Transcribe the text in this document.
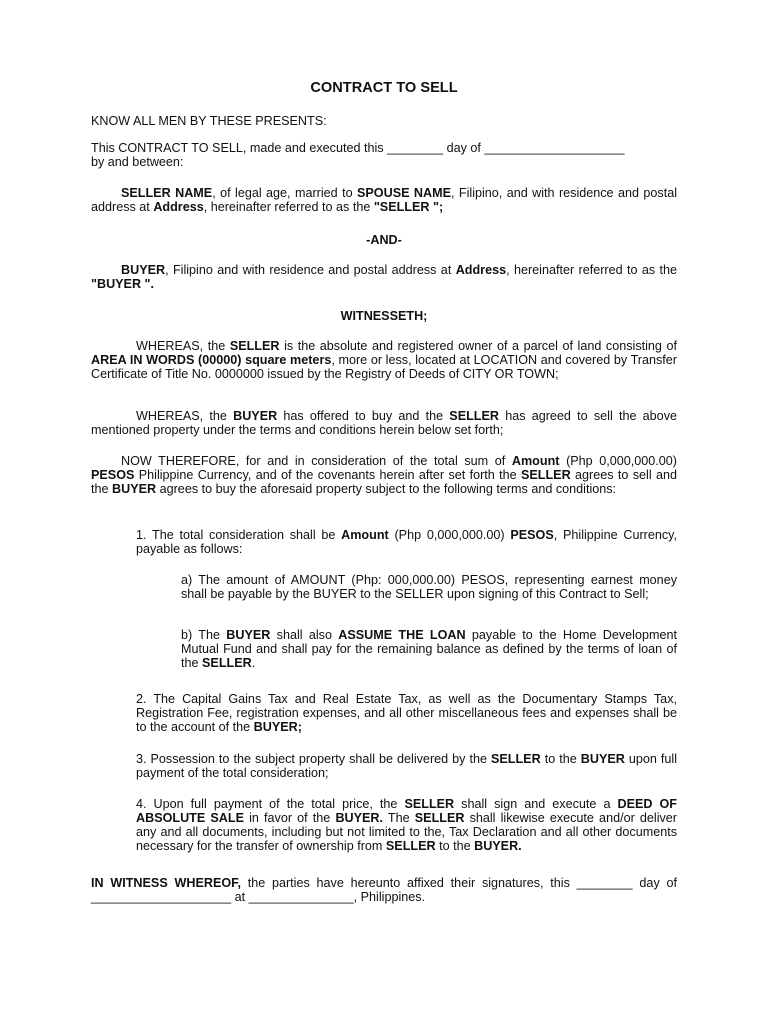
CONTRACT TO SELL

KNOW ALL MEN BY THESE PRESENTS:

This CONTRACT TO SELL, made and executed this ________ day of ____________________
by and between:

SELLER NAME, of legal age, married to SPOUSE NAME, Filipino, and with residence and postal address at Address, hereinafter referred to as the "SELLER ";

-AND-

BUYER, Filipino and with residence and postal address at Address, hereinafter referred to as the "BUYER ".

WITNESSETH;

WHEREAS, the SELLER is the absolute and registered owner of a parcel of land consisting of AREA IN WORDS (00000) square meters, more or less, located at LOCATION and covered by Transfer Certificate of Title No. 0000000 issued by the Registry of Deeds of CITY OR TOWN;

WHEREAS, the BUYER has offered to buy and the SELLER has agreed to sell the above mentioned property under the terms and conditions herein below set forth;

NOW THEREFORE, for and in consideration of the total sum of Amount (Php 0,000,000.00) PESOS Philippine Currency, and of the covenants herein after set forth the SELLER agrees to sell and the BUYER agrees to buy the aforesaid property subject to the following terms and conditions:

1. The total consideration shall be Amount (Php 0,000,000.00) PESOS, Philippine Currency, payable as follows:

a) The amount of AMOUNT (Php: 000,000.00) PESOS, representing earnest money shall be payable by the BUYER to the SELLER upon signing of this Contract to Sell;

b) The BUYER shall also ASSUME THE LOAN payable to the Home Development Mutual Fund and shall pay for the remaining balance as defined by the terms of loan of the SELLER.

2. The Capital Gains Tax and Real Estate Tax, as well as the Documentary Stamps Tax, Registration Fee, registration expenses, and all other miscellaneous fees and expenses shall be to the account of the BUYER;

3. Possession to the subject property shall be delivered by the SELLER to the BUYER upon full payment of the total consideration;

4. Upon full payment of the total price, the SELLER shall sign and execute a DEED OF ABSOLUTE SALE in favor of the BUYER. The SELLER shall likewise execute and/or deliver any and all documents, including but not limited to the, Tax Declaration and all other documents necessary for the transfer of ownership from SELLER to the BUYER.

IN WITNESS WHEREOF, the parties have hereunto affixed their signatures, this ________ day of ____________________ at _______________, Philippines.
